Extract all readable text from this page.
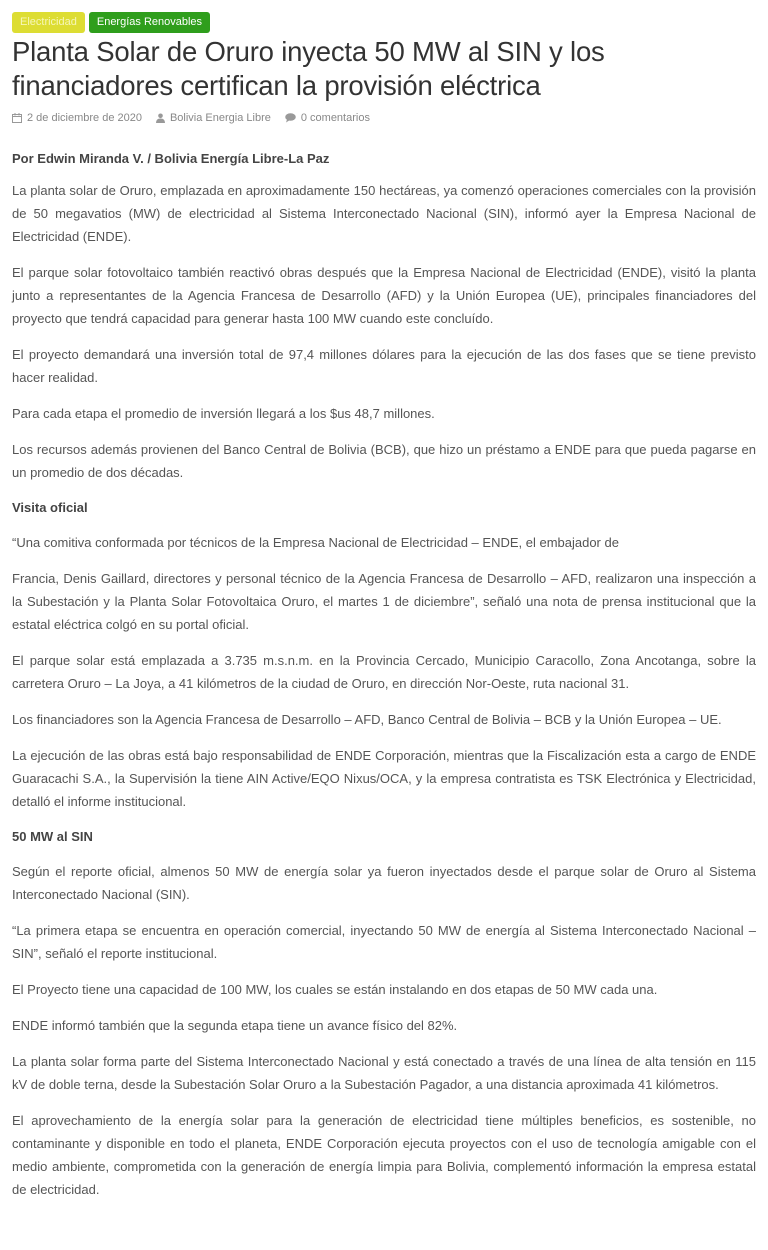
Electricidad	Energías Renovables
Planta Solar de Oruro inyecta 50 MW al SIN y los financiadores certifican la provisión eléctrica
2 de diciembre de 2020	Bolivia Energia Libre	0 comentarios
Por Edwin Miranda V. / Bolivia Energía Libre-La Paz

La planta solar de Oruro, emplazada en aproximadamente 150 hectáreas, ya comenzó operaciones comerciales con la provisión de 50 megavatios (MW) de electricidad al Sistema Interconectado Nacional (SIN), informó ayer la Empresa Nacional de Electricidad (ENDE).

El parque solar fotovoltaico también reactivó obras después que la Empresa Nacional de Electricidad (ENDE), visitó la planta junto a representantes de la Agencia Francesa de Desarrollo (AFD) y la Unión Europea (UE), principales financiadores del proyecto que tendrá capacidad para generar hasta 100 MW cuando este concluído.

El proyecto demandará una inversión total de 97,4 millones dólares para la ejecución de las dos fases que se tiene previsto hacer realidad.

Para cada etapa el promedio de inversión llegará a los $us 48,7 millones.

Los recursos además provienen del Banco Central de Bolivia (BCB), que hizo un préstamo a ENDE para que pueda pagarse en un promedio de dos décadas.

Visita oficial

“Una comitiva conformada por técnicos de la Empresa Nacional de Electricidad – ENDE, el embajador de

Francia, Denis Gaillard, directores y personal técnico de la Agencia Francesa de Desarrollo – AFD, realizaron una inspección a la Subestación y la Planta Solar Fotovoltaica Oruro, el martes 1 de diciembre”, señaló una nota de prensa institucional que la estatal eléctrica colgó en su portal oficial.

El parque solar está emplazada a 3.735 m.s.n.m. en la Provincia Cercado, Municipio Caracollo, Zona Ancotanga, sobre la carretera Oruro – La Joya, a 41 kilómetros de la ciudad de Oruro, en dirección Nor-Oeste, ruta nacional 31.

Los financiadores son la Agencia Francesa de Desarrollo – AFD, Banco Central de Bolivia – BCB y la Unión Europea – UE.

La ejecución de las obras está bajo responsabilidad de ENDE Corporación, mientras que la Fiscalización esta a cargo de ENDE Guaracachi S.A., la Supervisión la tiene AIN Active/EQO Nixus/OCA, y la empresa contratista es TSK Electrónica y Electricidad, detalló el informe institucional.

50 MW al SIN

Según el reporte oficial, almenos 50 MW de energía solar ya fueron inyectados desde el parque solar de Oruro al Sistema Interconectado Nacional (SIN).

“La primera etapa se encuentra en operación comercial, inyectando 50 MW de energía al Sistema Interconectado Nacional – SIN”, señaló el reporte institucional.

El Proyecto tiene una capacidad de 100 MW, los cuales se están instalando en dos etapas de 50 MW cada una.

ENDE informó también que la segunda etapa tiene un avance físico del 82%.

La planta solar forma parte del Sistema Interconectado Nacional y está conectado a través de una línea de alta tensión en 115 kV de doble terna, desde la Subestación Solar Oruro a la Subestación Pagador, a una distancia aproximada 41 kilómetros.

El aprovechamiento de la energía solar para la generación de electricidad tiene múltiples beneficios, es sostenible, no contaminante y disponible en todo el planeta, ENDE Corporación ejecuta proyectos con el uso de tecnología amigable con el medio ambiente, comprometida con la generación de energía limpia para Bolivia, complementó información la empresa estatal de electricidad.
